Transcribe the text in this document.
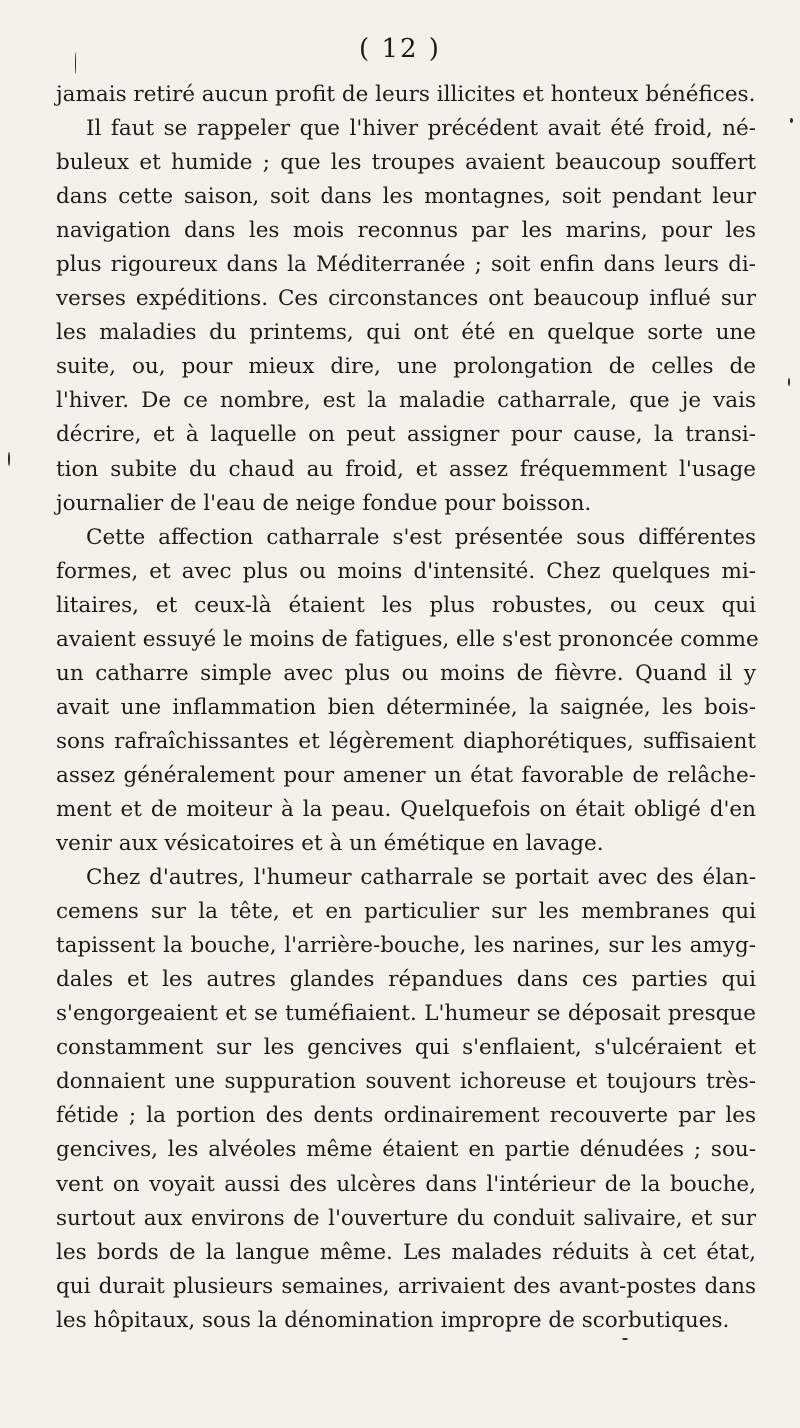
( 12 )
jamais retiré aucun profit de leurs illicites et honteux bénéfices.
Il faut se rappeler que l'hiver précédent avait été froid, né-
buleux et humide ; que les troupes avaient beaucoup souffert
dans cette saison, soit dans les montagnes, soit pendant leur
navigation dans les mois reconnus par les marins, pour les
plus rigoureux dans la Méditerranée ; soit enfin dans leurs di-
verses expéditions. Ces circonstances ont beaucoup influé sur
les maladies du printems, qui ont été en quelque sorte une
suite, ou, pour mieux dire, une prolongation de celles de
l'hiver. De ce nombre, est la maladie catharrale, que je vais
décrire, et à laquelle on peut assigner pour cause, la transi-
tion subite du chaud au froid, et assez fréquemment l'usage
journalier de l'eau de neige fondue pour boisson.
Cette affection catharrale s'est présentée sous différentes
formes, et avec plus ou moins d'intensité. Chez quelques mi-
litaires, et ceux-là étaient les plus robustes, ou ceux qui
avaient essuyé le moins de fatigues, elle s'est prononcée comme
un catharre simple avec plus ou moins de fièvre. Quand il y
avait une inflammation bien déterminée, la saignée, les bois-
sons rafraîchissantes et légèrement diaphorétiques, suffisaient
assez généralement pour amener un état favorable de relâche-
ment et de moiteur à la peau. Quelquefois on était obligé d'en
venir aux vésicatoires et à un émétique en lavage.
Chez d'autres, l'humeur catharrale se portait avec des élan-
cemens sur la tête, et en particulier sur les membranes qui
tapissent la bouche, l'arrière-bouche, les narines, sur les amyg-
dales et les autres glandes répandues dans ces parties qui
s'engorgeaient et se tuméfiaient. L'humeur se déposait presque
constamment sur les gencives qui s'enflaient, s'ulcéraient et
donnaient une suppuration souvent ichoreuse et toujours très-
fétide ; la portion des dents ordinairement recouverte par les
gencives, les alvéoles même étaient en partie dénudées ; sou-
vent on voyait aussi des ulcères dans l'intérieur de la bouche,
surtout aux environs de l'ouverture du conduit salivaire, et sur
les bords de la langue même. Les malades réduits à cet état,
qui durait plusieurs semaines, arrivaient des avant-postes dans
les hôpitaux, sous la dénomination impropre de scorbutiques.
